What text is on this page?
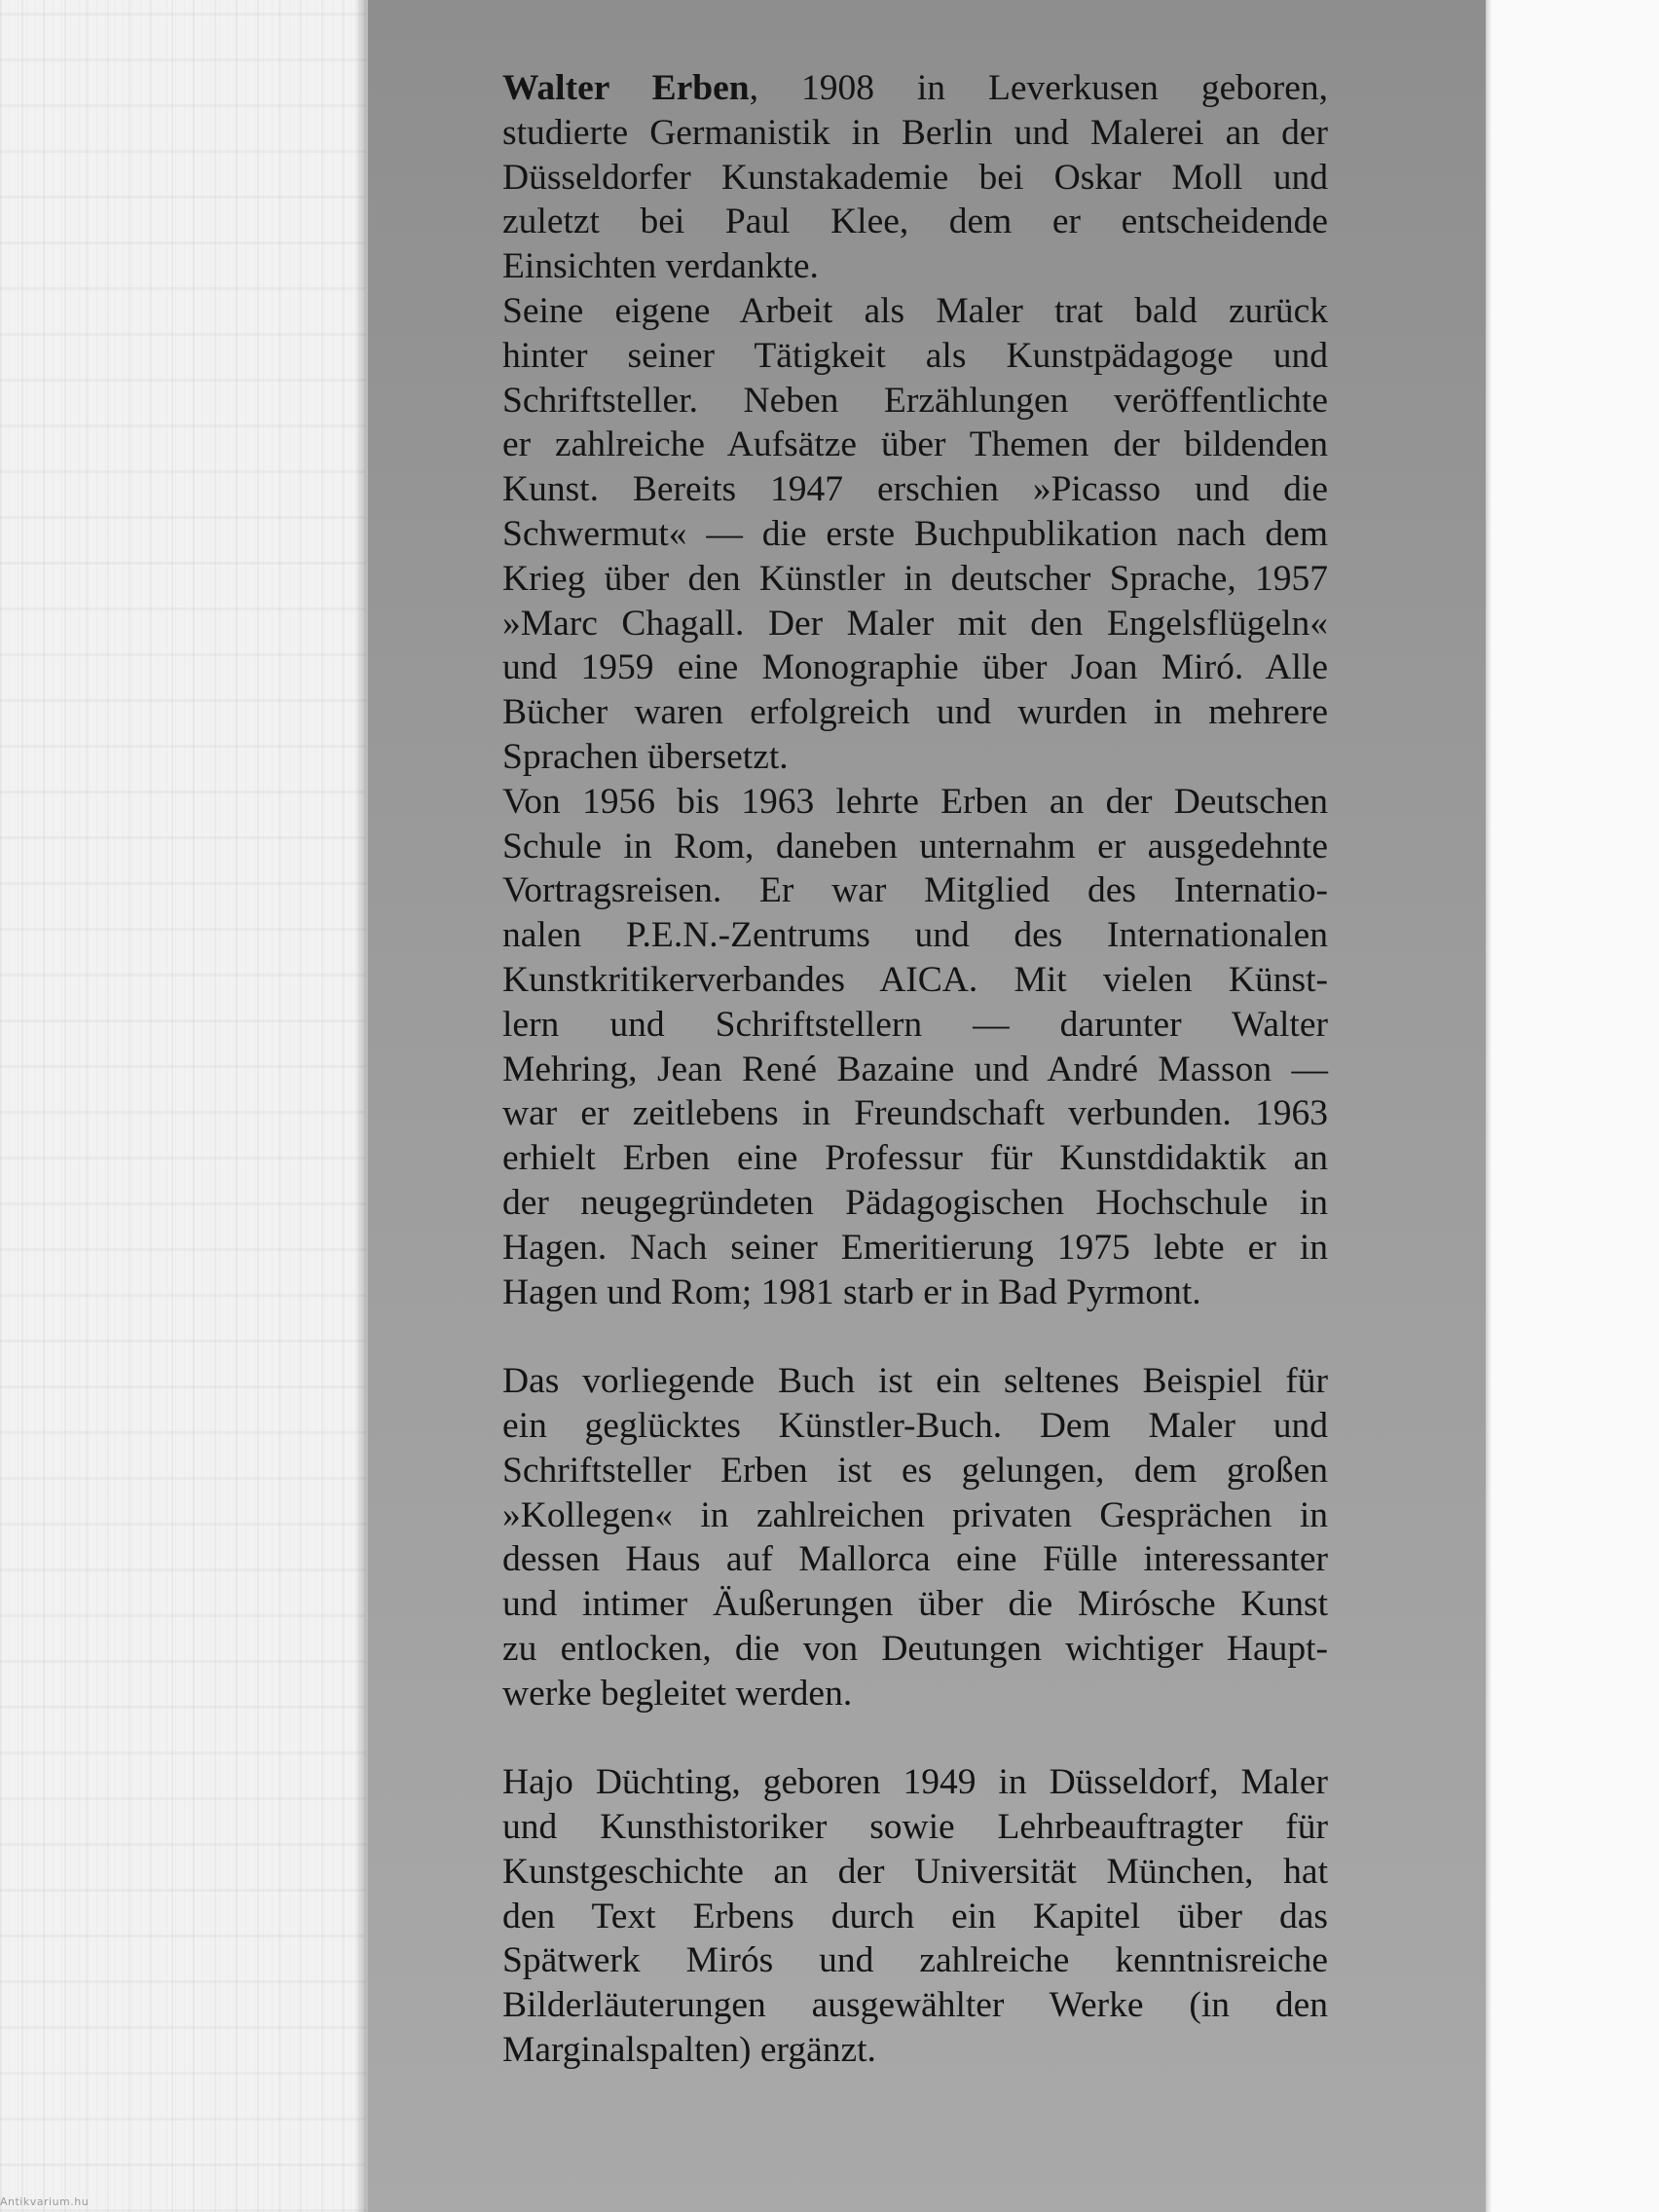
Walter Erben, 1908 in Leverkusen geboren,
studierte Germanistik in Berlin und Malerei an der
Düsseldorfer Kunstakademie bei Oskar Moll und
zuletzt bei Paul Klee, dem er entscheidende
Einsichten verdankte.
Seine eigene Arbeit als Maler trat bald zurück
hinter seiner Tätigkeit als Kunstpädagoge und
Schriftsteller. Neben Erzählungen veröffentlichte
er zahlreiche Aufsätze über Themen der bildenden
Kunst. Bereits 1947 erschien »Picasso und die
Schwermut« — die erste Buchpublikation nach dem
Krieg über den Künstler in deutscher Sprache, 1957
»Marc Chagall. Der Maler mit den Engelsflügeln«
und 1959 eine Monographie über Joan Miró. Alle
Bücher waren erfolgreich und wurden in mehrere
Sprachen übersetzt.
Von 1956 bis 1963 lehrte Erben an der Deutschen
Schule in Rom, daneben unternahm er ausgedehnte
Vortragsreisen. Er war Mitglied des Internatio-
nalen P.E.N.-Zentrums und des Internationalen
Kunstkritikerverbandes AICA. Mit vielen Künst-
lern und Schriftstellern — darunter Walter
Mehring, Jean René Bazaine und André Masson —
war er zeitlebens in Freundschaft verbunden. 1963
erhielt Erben eine Professur für Kunstdidaktik an
der neugegründeten Pädagogischen Hochschule in
Hagen. Nach seiner Emeritierung 1975 lebte er in
Hagen und Rom; 1981 starb er in Bad Pyrmont.
Das vorliegende Buch ist ein seltenes Beispiel für
ein geglücktes Künstler-Buch. Dem Maler und
Schriftsteller Erben ist es gelungen, dem großen
»Kollegen« in zahlreichen privaten Gesprächen in
dessen Haus auf Mallorca eine Fülle interessanter
und intimer Äußerungen über die Mirósche Kunst
zu entlocken, die von Deutungen wichtiger Haupt-
werke begleitet werden.
Hajo Düchting, geboren 1949 in Düsseldorf, Maler
und Kunsthistoriker sowie Lehrbeauftragter für
Kunstgeschichte an der Universität München, hat
den Text Erbens durch ein Kapitel über das
Spätwerk Mirós und zahlreiche kenntnisreiche
Bilderläuterungen ausgewählter Werke (in den
Marginalspalten) ergänzt.
Antikvarium.hu
